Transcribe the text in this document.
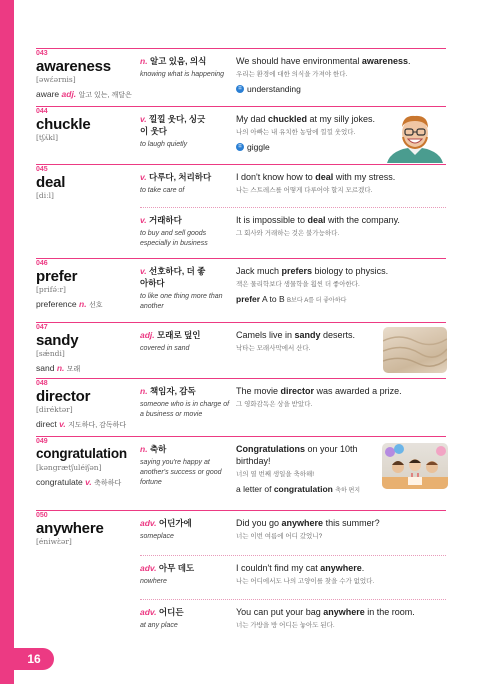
16
043
awareness
[əwɛ́ərnis]
aware adj. 알고 있는, 깨달은
n. 알고 있음, 의식
knowing what is happening
We should have environmental awareness.
우리는 환경에 대한 의식을 가져야 한다.
= understanding
044
chuckle
[tʃʌ́kl]
v. 낄낄 웃다, 싱긋이 웃다
to laugh quietly
My dad chuckled at my silly jokes.
나의 아빠는 내 유치한 농담에 낄낄 웃었다.
= giggle
045
deal
[diːl]
v. 다루다, 처리하다
to take care of
I don't know how to deal with my stress.
나는 스트레스를 어떻게 다루어야 할지 모르겠다.
v. 거래하다
to buy and sell goods especially in business
It is impossible to deal with the company.
그 회사와 거래하는 것은 불가능하다.
046
prefer
[prifə́ːr]
preference n. 선호
v. 선호하다, 더 좋아하다
to like one thing more than another
Jack much prefers biology to physics.
잭은 물리학보다 생물학을 훨씬 더 좋아한다.
prefer A to B B보다 A를 더 좋아하다
047
sandy
[sǽndi]
sand n. 모래
adj. 모래로 덮인
covered in sand
Camels live in sandy deserts.
낙타는 모래사막에서 산다.
048
director
[diréktər]
direct v. 지도하다, 감독하다
n. 책임자, 감독
someone who is in charge of a business or movie
The movie director was awarded a prize.
그 영화감독은 상을 받았다.
049
congratulation
[kəngrӕtʃuléiʃən]
congratulate v. 축하하다
n. 축하
saying you're happy at another's success or good fortune
Congratulations on your 10th birthday!
너의 열 번째 생일을 축하해!
a letter of congratulation 축하 편지
050
anywhere
[éniwɛ̀ər]
adv. 어딘가에
someplace
Did you go anywhere this summer?
너는 이번 여름에 어디 갔었니?
adv. 아무 데도
nowhere
I couldn't find my cat anywhere.
나는 어디에서도 나의 고양이를 찾을 수가 없었다.
adv. 어디든
at any place
You can put your bag anywhere in the room.
너는 가방을 방 어디든 놓아도 된다.
